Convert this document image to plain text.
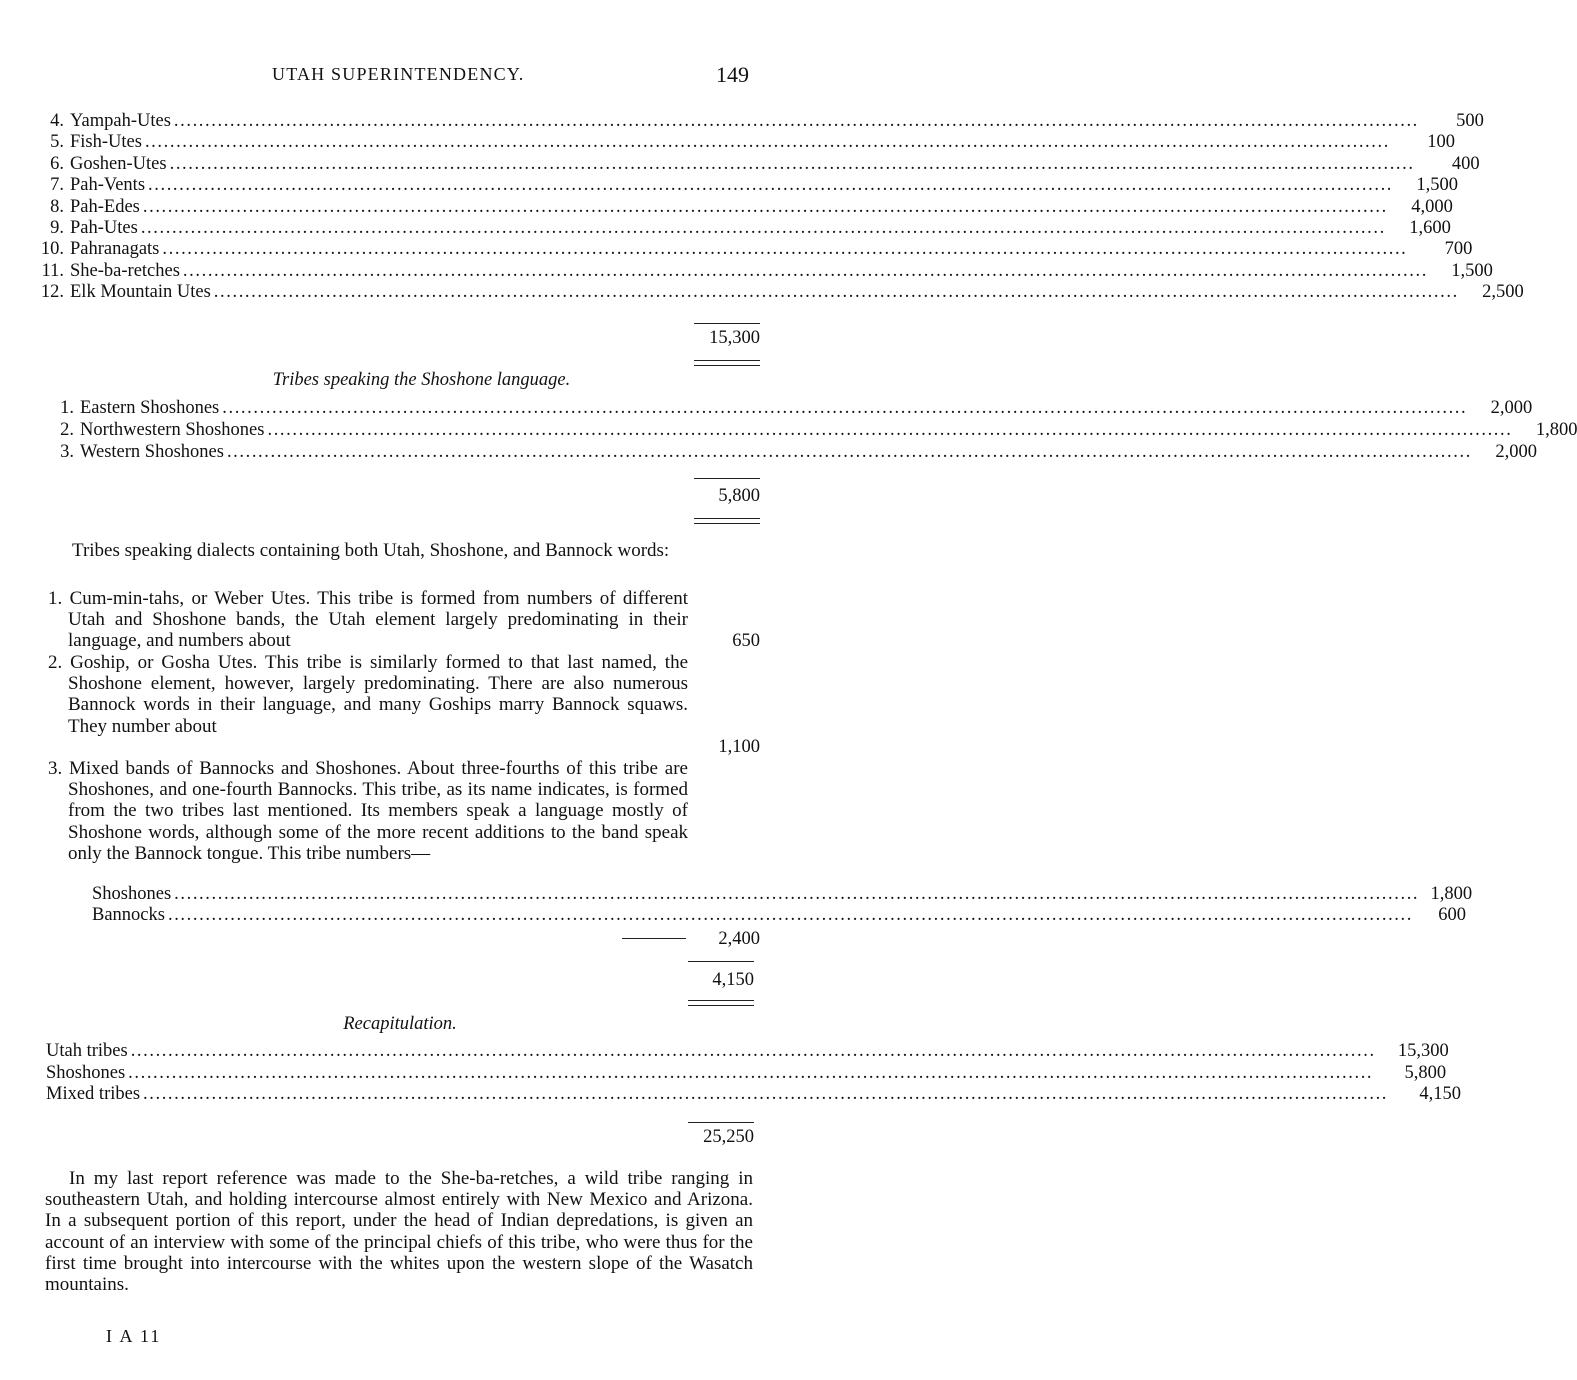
UTAH SUPERINTENDENCY.	149
4. Yampah-Utes ........................................................................................................................................................................................................	500
5. Fish-Utes ........................................................................................................................................................................................................	100
6. Goshen-Utes ........................................................................................................................................................................................................	400
7. Pah-Vents ........................................................................................................................................................................................................	1,500
8. Pah-Edes ........................................................................................................................................................................................................	4,000
9. Pah-Utes ........................................................................................................................................................................................................	1,600
10. Pahranagats ........................................................................................................................................................................................................	700
11. She-ba-retches ........................................................................................................................................................................................................	1,500
12. Elk Mountain Utes ........................................................................................................................................................................................................	2,500
15,300
Tribes speaking the Shoshone language.
1. Eastern Shoshones ........................................................................................................................................................................................................	2,000
2. Northwestern Shoshones ........................................................................................................................................................................................................	1,800
3. Western Shoshones ........................................................................................................................................................................................................	2,000
5,800
Tribes speaking dialects containing both Utah, Shoshone, and Bannock words:
1. Cum-min-tahs, or Weber Utes. This tribe is formed from numbers of different Utah and Shoshone bands, the Utah element largely predominating in their language, and numbers about	650
2. Goship, or Gosha Utes. This tribe is similarly formed to that last named, the Shoshone element, however, largely predominating. There are also numerous Bannock words in their language, and many Goships marry Bannock squaws. They number about
1,100
3. Mixed bands of Bannocks and Shoshones. About three-fourths of this tribe are Shoshones, and one-fourth Bannocks. This tribe, as its name indicates, is formed from the two tribes last mentioned. Its members speak a language mostly of Shoshone words, although some of the more recent additions to the band speak only the Bannock tongue. This tribe numbers—
Shoshones ........................................................................................................................................................................................................ 1,800
Bannocks ........................................................................................................................................................................................................	600
2,400
4,150
Recapitulation.
Utah tribes ........................................................................................................................................................................................................	15,300
Shoshones ........................................................................................................................................................................................................	5,800
Mixed tribes ........................................................................................................................................................................................................	4,150
25,250
In my last report reference was made to the She-ba-retches, a wild tribe ranging in southeastern Utah, and holding intercourse almost entirely with New Mexico and Arizona. In a subsequent portion of this report, under the head of Indian depredations, is given an account of an interview with some of the principal chiefs of this tribe, who were thus for the first time brought into intercourse with the whites upon the western slope of the Wasatch mountains.
I A 11
